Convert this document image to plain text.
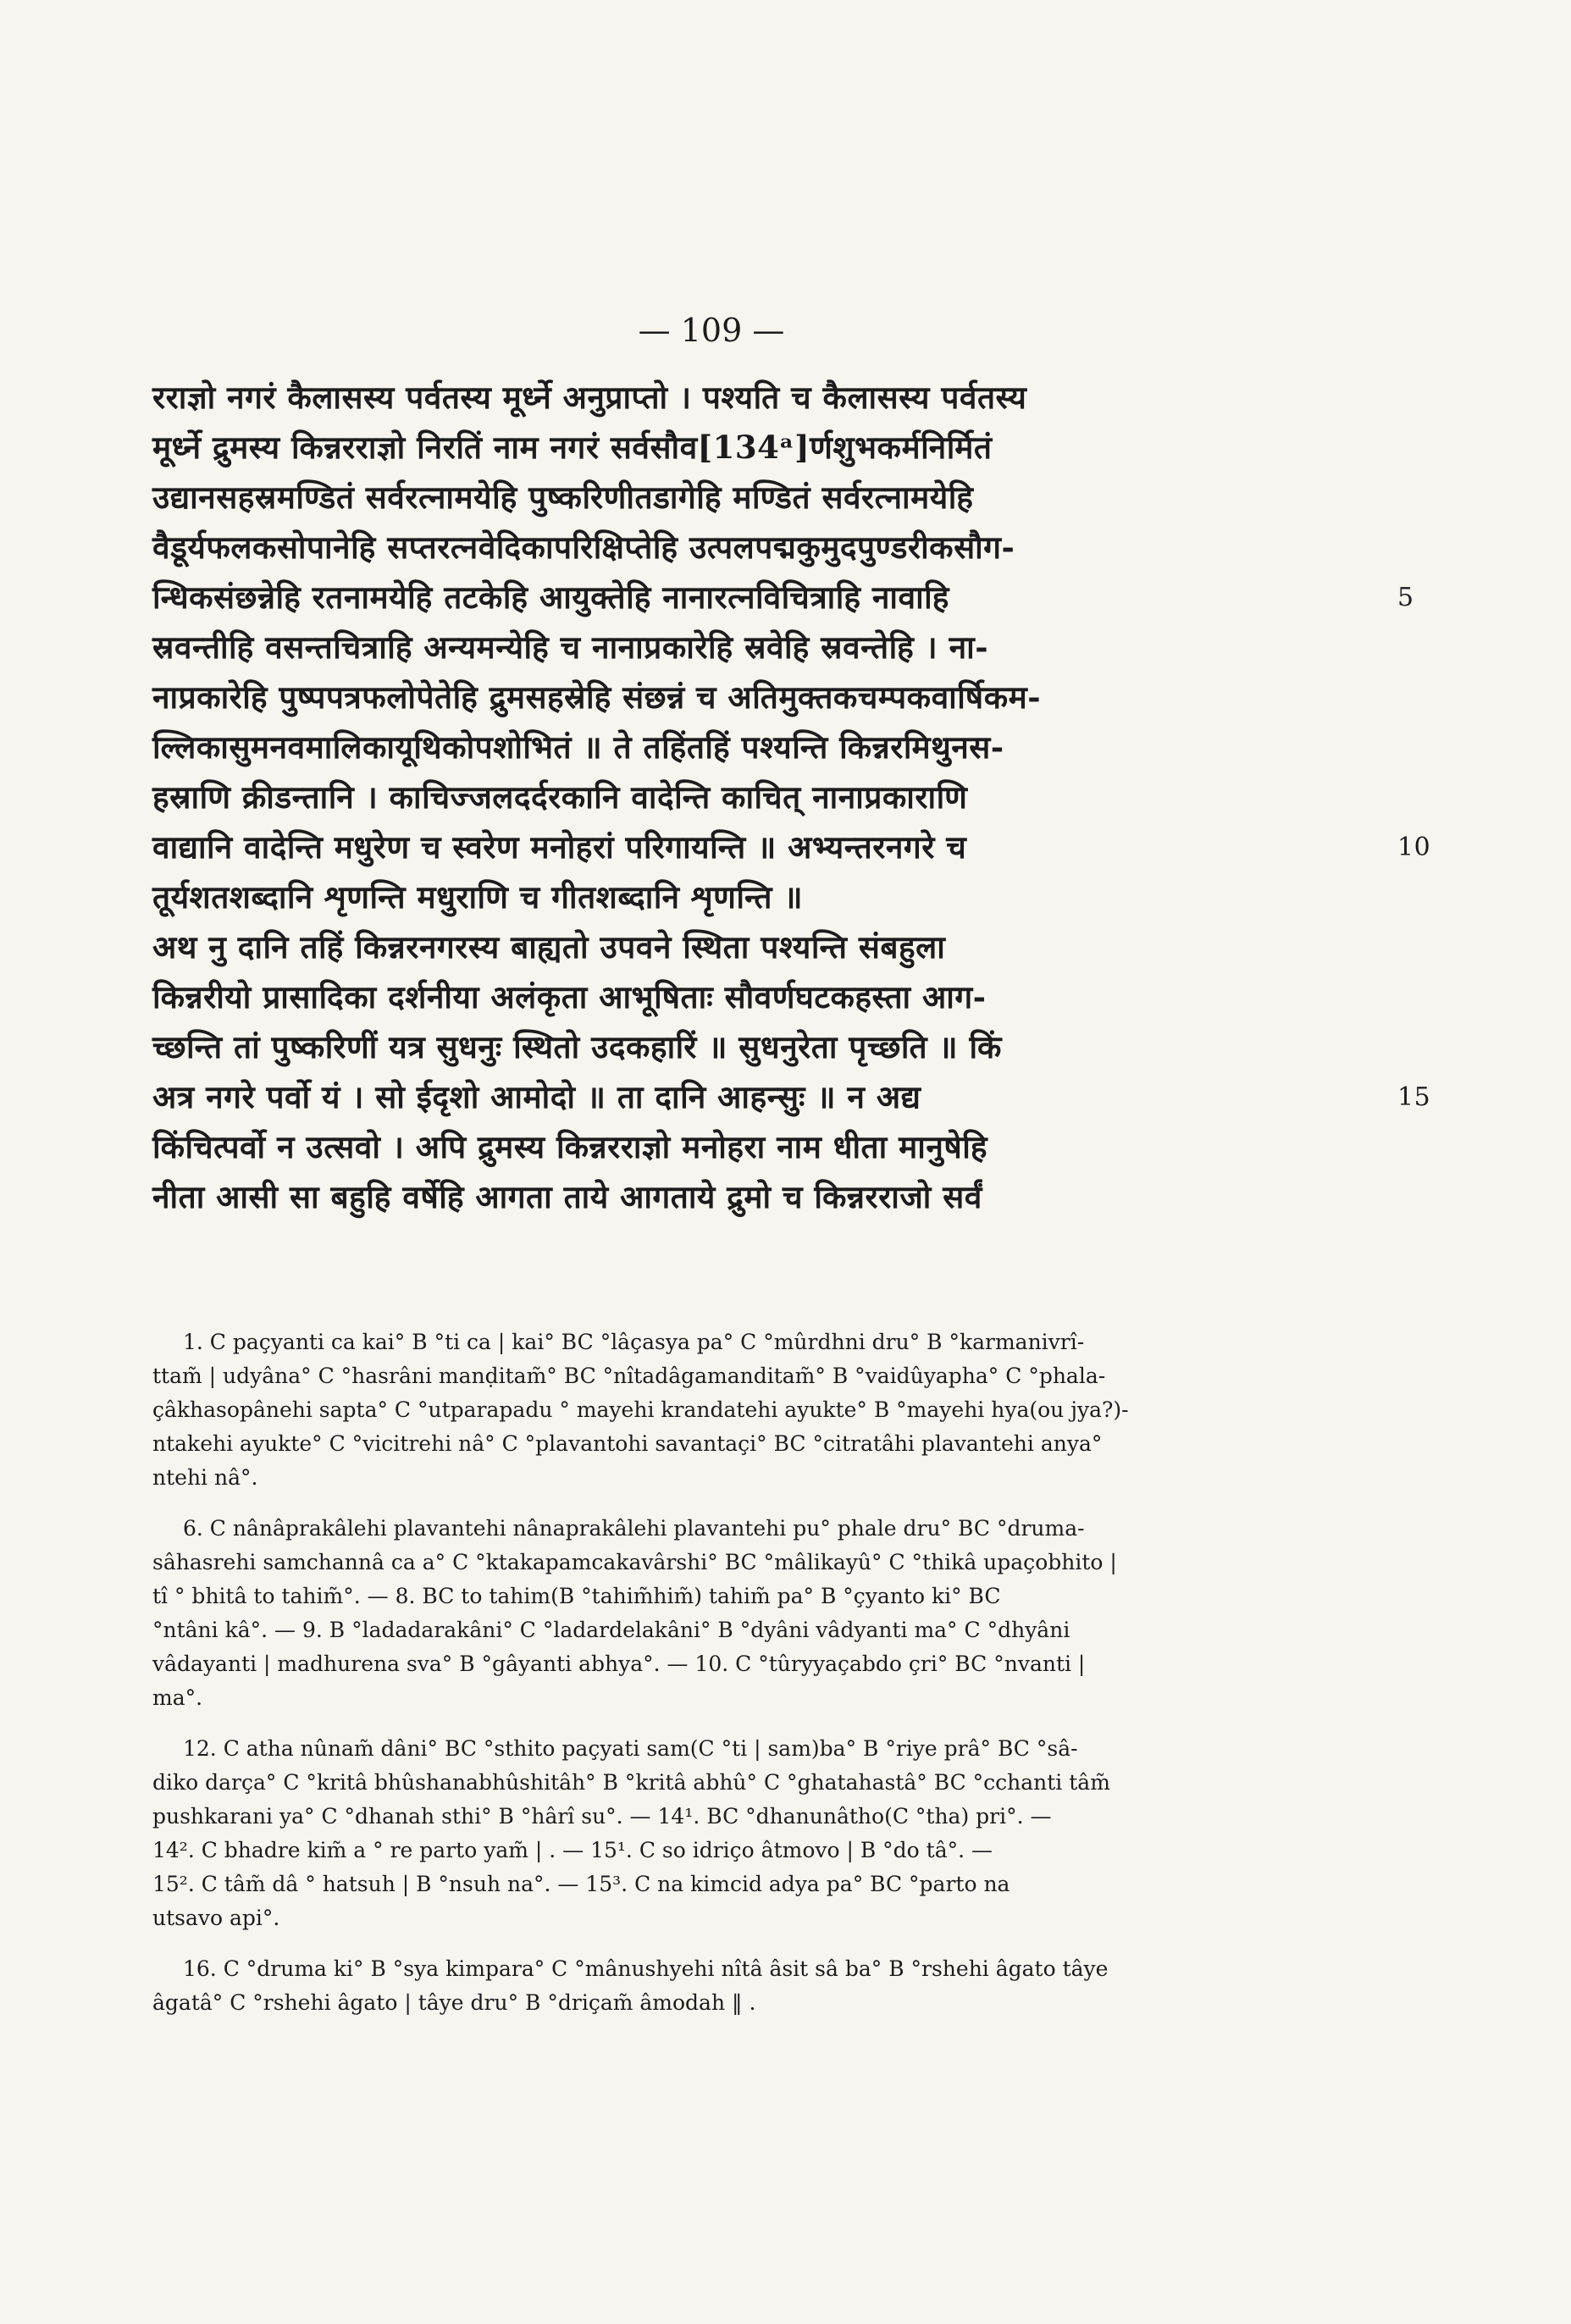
— 109 —
रराज्ञो नगरं कैलासस्य पर्वतस्य मूर्ध्ने अनुप्राप्तो । पश्यति च कैलासस्य पर्वतस्य
मूर्ध्ने द्रुमस्य किन्नरराज्ञो निरतिं नाम नगरं सर्वसौव[134ᵃ]र्णशुभकर्मनिर्मितं
उद्यानसहस्रमण्डितं सर्वरत्नामयेहि पुष्करिणीतडागेहि मण्डितं सर्वरत्नामयेहि
वैडूर्यफलकसोपानेहि सप्तरत्नवेदिकापरिक्षिप्तेहि उत्पलपद्मकुमुदपुण्डरीकसौग-
न्धिकसंछन्नेहि रतनामयेहि तटकेहि आयुक्तेहि नानारत्नविचित्राहि नावाहि	5
स्रवन्तीहि वसन्तचित्राहि अन्यमन्येहि च नानाप्रकारेहि स्रवेहि स्रवन्तेहि । ना-
नाप्रकारेहि पुष्पपत्रफलोपेतेहि द्रुमसहस्रेहि संछन्नं च अतिमुक्तकचम्पकवार्षिकम-
ल्लिकासुमनवमालिकायूथिकोपशोभितं ॥ ते तहिंतहिं पश्यन्ति किन्नरमिथुनस-
हस्राणि क्रीडन्तानि । काचिज्जलदर्दरकानि वादेन्ति काचित् नानाप्रकाराणि
वाद्यानि वादेन्ति मधुरेण च स्वरेण मनोहरां परिगायन्ति ॥ अभ्यन्तरनगरे च	10
तूर्यशतशब्दानि शृणन्ति मधुराणि च गीतशब्दानि शृणन्ति ॥
अथ नु दानि तहिं किन्नरनगरस्य बाह्यतो उपवने स्थिता पश्यन्ति संबहुला
किन्नरीयो प्रासादिका दर्शनीया अलंकृता आभूषिताः सौवर्णघटकहस्ता आग-
च्छन्ति तां पुष्करिणीं यत्र सुधनुः स्थितो उदकहारिं ॥ सुधनुरेता पृच्छति ॥ किं
अत्र नगरे पर्वो यं । सो ईदृशो आमोदो ॥ ता दानि आहन्सुः ॥ न अद्य	15
किंचित्पर्वो न उत्सवो । अपि द्रुमस्य किन्नरराज्ञो मनोहरा नाम धीता मानुषेहि
नीता आसी सा बहुहि वर्षेहि आगता ताये आगताये द्रुमो च किन्नरराजो सर्वं
1. C paçyanti ca kai° B °ti ca | kai° BC °lâçasya pa° C °mûrdhni dru° B °karmanivrî-
ttam̃ | udyâna° C °hasrâni manḍitam̃° BC °nîtadâgamanditam̃° B °vaidûyapha° C °phala-
çâkhasopânehi sapta° C °utparapadu ° mayehi krandatehi ayukte° B °mayehi hya(ou jya?)-
ntakehi ayukte° C °vicitrehi nâ° C °plavantohi savantaçi° BC °citratâhi plavantehi anya°
ntehi nâ°.
6. C nânâprakâlehi plavantehi nânaprakâlehi plavantehi pu° phale dru° BC °druma-
sâhasrehi samchannâ ca a° C °ktakapamcakavârshi° BC °mâlikayû° C °thikâ upaçobhito |
tî ° bhitâ to tahim̃°. — 8. BC to tahim(B °tahim̃him̃) tahim̃ pa° B °çyanto ki° BC
°ntâni kâ°. — 9. B °ladadarakâni° C °ladardelakâni° B °dyâni vâdyanti ma° C °dhyâni
vâdayanti | madhurena sva° B °gâyanti abhya°. — 10. C °tûryyaçabdo çri° BC °nvanti |
ma°.
12. C atha nûnam̃ dâni° BC °sthito paçyati sam(C °ti | sam)ba° B °riye prâ° BC °sâ-
diko darça° C °kritâ bhûshanabhûshitâh° B °kritâ abhû° C °ghatahastâ° BC °cchanti tâm̃
pushkarani ya° C °dhanah sthi° B °hârî su°. — 14¹. BC °dhanunâtho(C °tha) pri°. —
14². C bhadre kim̃ a ° re parto yam̃ | . — 15¹. C so idriço âtmovo | B °do tâ°. —
15². C tâm̃ dâ ° hatsuh | B °nsuh na°. — 15³. C na kimcid adya pa° BC °parto na
utsavo api°.
16. C °druma ki° B °sya kimpara° C °mânushyehi nîtâ âsit sâ ba° B °rshehi âgato tâye
âgatâ° C °rshehi âgato | tâye dru° B °driçam̃ âmodah ‖ .
